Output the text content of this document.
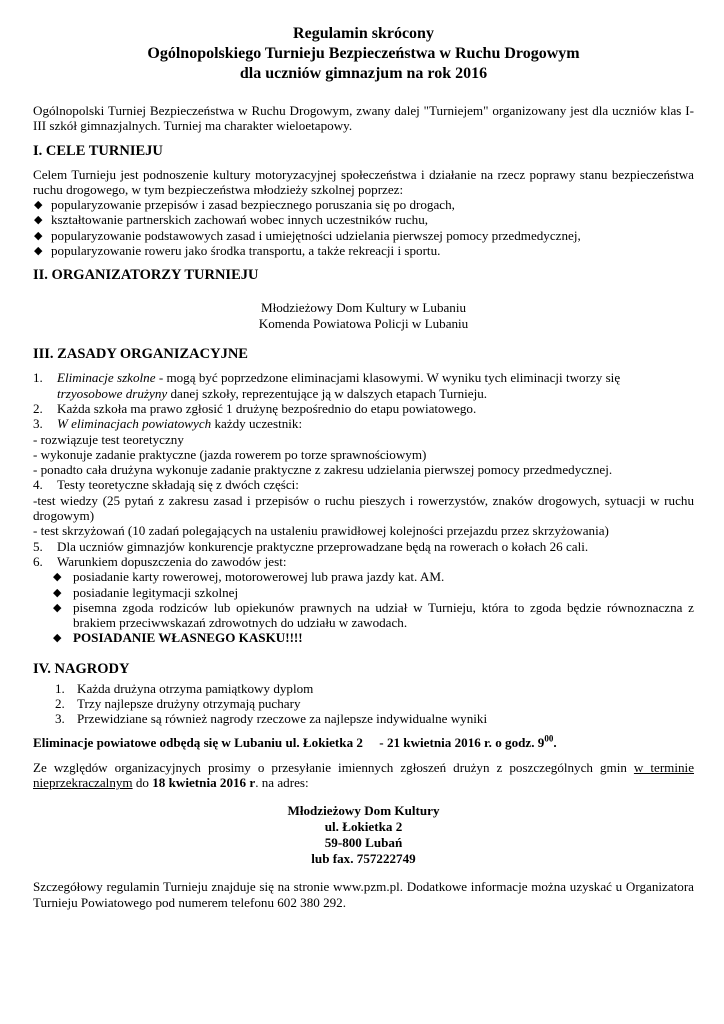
Regulamin skrócony
Ogólnopolskiego Turnieju Bezpieczeństwa w Ruchu Drogowym
dla uczniów gimnazjum na rok 2016

Ogólnopolski Turniej Bezpieczeństwa w Ruchu Drogowym, zwany dalej "Turniejem" organizowany jest dla uczniów klas I-III szkół gimnazjalnych. Turniej ma charakter wieloetapowy.

I. CELE TURNIEJU

Celem Turnieju jest podnoszenie kultury motoryzacyjnej społeczeństwa i działanie na rzecz poprawy stanu bezpieczeństwa ruchu drogowego, w tym bezpieczeństwa młodzieży szkolnej poprzez:

◆ popularyzowanie przepisów i zasad bezpiecznego poruszania się po drogach,
◆ kształtowanie partnerskich zachowań wobec innych uczestników ruchu,
◆ popularyzowanie podstawowych zasad i umiejętności udzielania pierwszej pomocy przedmedycznej,
◆ popularyzowanie roweru jako środka transportu, a także rekreacji i sportu.
II. ORGANIZATORZY TURNIEJU
Młodzieżowy Dom Kultury w Lubaniu
Komenda Powiatowa Policji w Lubaniu
III. ZASADY ORGANIZACYJNE
1. Eliminacje szkolne - mogą być poprzedzone eliminacjami klasowymi. W wyniku tych eliminacji tworzy się
trzyosobowe drużyny danej szkoły, reprezentujące ją w dalszych etapach Turnieju.
2. Każda szkoła ma prawo zgłosić 1 drużynę bezpośrednio do etapu powiatowego.
3. W eliminacjach powiatowych każdy uczestnik:

- rozwiązuje test teoretyczny

- wykonuje zadanie praktyczne (jazda rowerem po torze sprawnościowym)

- ponadto cała drużyna wykonuje zadanie praktyczne z zakresu udzielania pierwszej pomocy przedmedycznej.

4. Testy teoretyczne składają się z dwóch części:

-test wiedzy (25 pytań z zakresu zasad i przepisów o ruchu pieszych i rowerzystów, znaków drogowych, sytuacji w ruchu drogowym)

- test skrzyżowań (10 zadań polegających na ustaleniu prawidłowej kolejności przejazdu przez skrzyżowania)

5. Dla uczniów gimnazjów konkurencje praktyczne przeprowadzane będą na rowerach o kołach 26 cali.
6. Warunkiem dopuszczenia do zawodów jest:
◆ posiadanie karty rowerowej, motorowerowej lub prawa jazdy kat. AM.
◆ posiadanie legitymacji szkolnej
◆ pisemna zgoda rodziców lub opiekunów prawnych na udział w Turnieju, która to zgoda będzie równoznaczna z brakiem przeciwwskazań zdrowotnych do udziału w zawodach.
◆ POSIADANIE WŁASNEGO KASKU!!!!
IV. NAGRODY
1. Każda drużyna otrzyma pamiątkowy dyplom
2. Trzy najlepsze drużyny otrzymają puchary
3. Przewidziane są również nagrody rzeczowe za najlepsze indywidualne wyniki

Eliminacje powiatowe odbędą się w Lubaniu ul. Łokietka 2     - 21 kwietnia 2016 r. o godz. $9^{00}$.

Ze względów organizacyjnych prosimy o przesyłanie imiennych zgłoszeń drużyn z poszczególnych gmin w terminie nieprzekraczalnym do 18 kwietnia 2016 r. na adres:

Młodzieżowy Dom Kultury
ul. Łokietka 2
59-800 Lubań
lub fax. 757222749

Szczegółowy regulamin Turnieju znajduje się na stronie www.pzm.pl. Dodatkowe informacje można uzyskać u Organizatora Turnieju Powiatowego pod numerem telefonu 602 380 292.
